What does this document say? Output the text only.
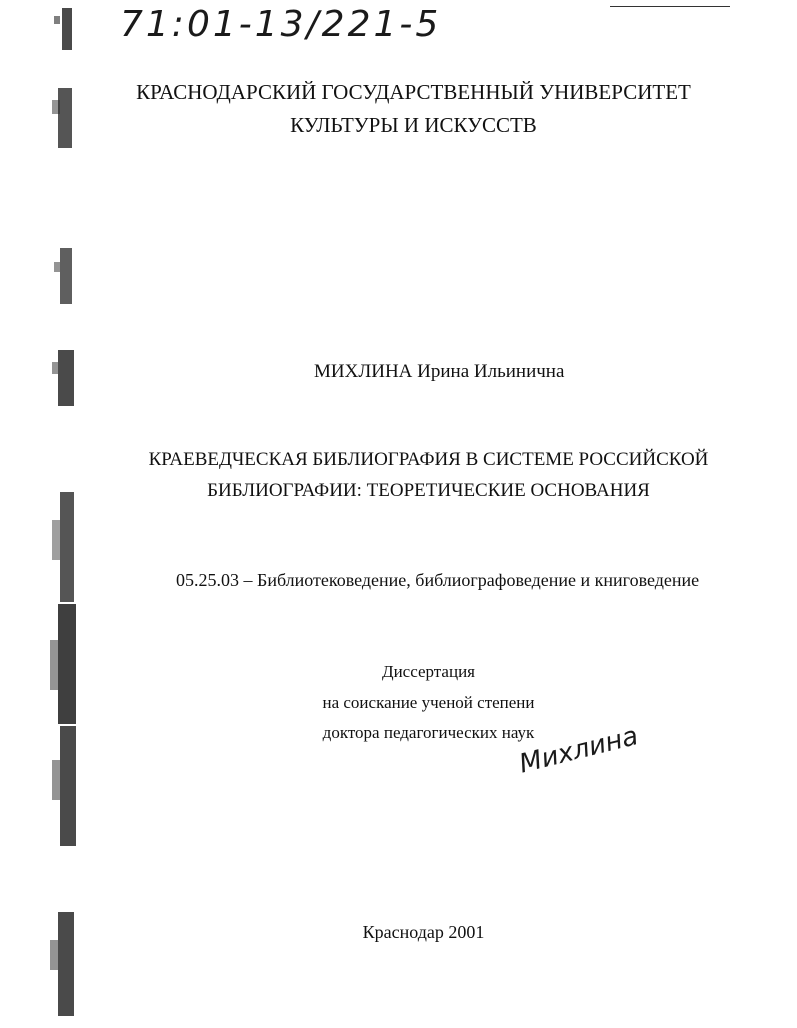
71:01-13/221-5
КРАСНОДАРСКИЙ ГОСУДАРСТВЕННЫЙ УНИВЕРСИТЕТ
КУЛЬТУРЫ И ИСКУССТВ
МИХЛИНА Ирина Ильинична
КРАЕВЕДЧЕСКАЯ БИБЛИОГРАФИЯ В СИСТЕМЕ РОССИЙСКОЙ
БИБЛИОГРАФИИ: ТЕОРЕТИЧЕСКИЕ ОСНОВАНИЯ
05.25.03 – Библиотековедение, библиографоведение и книговедение
Диссертация
на соискание ученой степени
доктора педагогических наук
Михлина
Краснодар 2001
